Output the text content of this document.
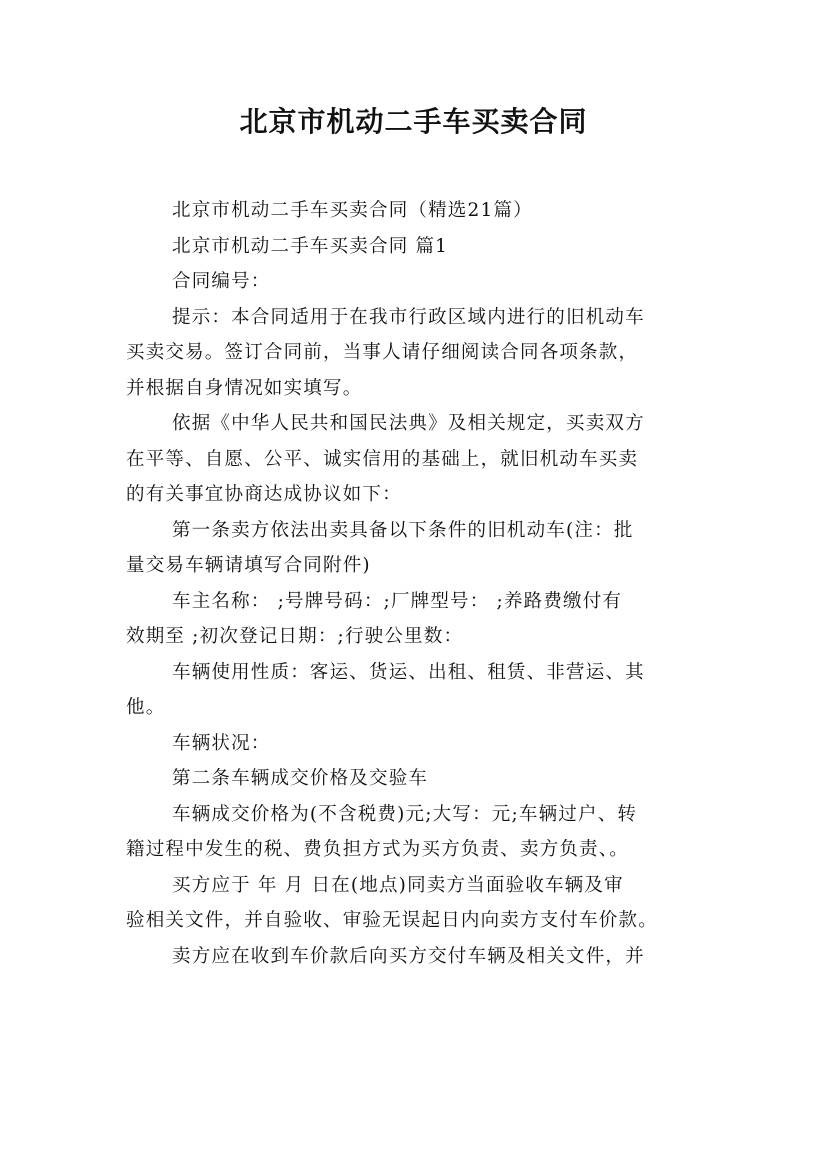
北京市机动二手车买卖合同
北京市机动二手车买卖合同（精选21篇）
北京市机动二手车买卖合同 篇1
合同编号：
提示：本合同适用于在我市行政区域内进行的旧机动车
买卖交易。签订合同前，当事人请仔细阅读合同各项条款，
并根据自身情况如实填写。
依据《中华人民共和国民法典》及相关规定，买卖双方
在平等、自愿、公平、诚实信用的基础上，就旧机动车买卖
的有关事宜协商达成协议如下：
第一条卖方依法出卖具备以下条件的旧机动车(注：批
量交易车辆请填写合同附件)
车主名称： ;号牌号码：;厂牌型号： ;养路费缴付有
效期至 ;初次登记日期：;行驶公里数：
车辆使用性质：客运、货运、出租、租赁、非营运、其
他。
车辆状况：
第二条车辆成交价格及交验车
车辆成交价格为(不含税费)元;大写：元;车辆过户、转
籍过程中发生的税、费负担方式为买方负责、卖方负责、。
买方应于 年 月 日在(地点)同卖方当面验收车辆及审
验相关文件，并自验收、审验无误起日内向卖方支付车价款。
卖方应在收到车价款后向买方交付车辆及相关文件，并
